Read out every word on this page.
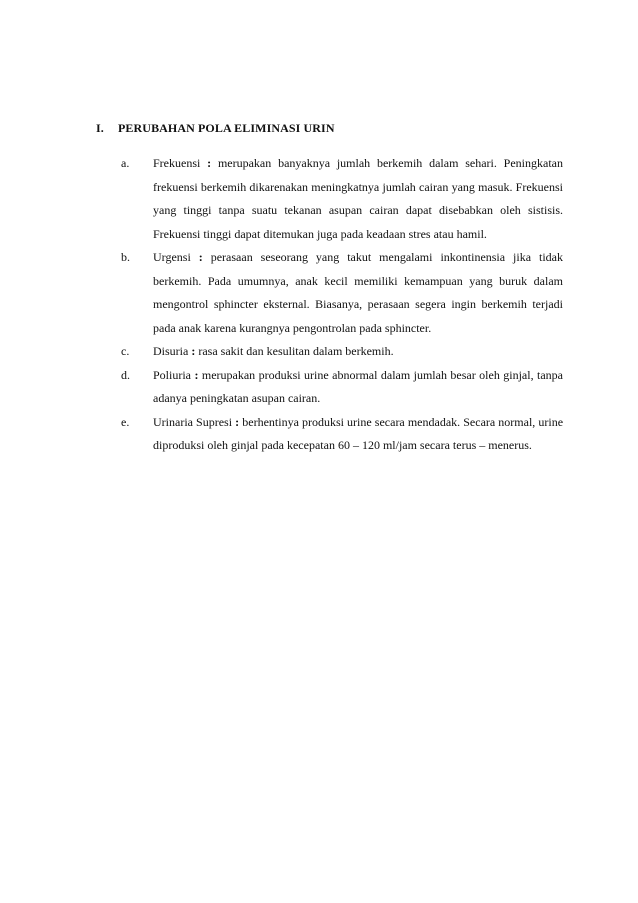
I. PERUBAHAN POLA ELIMINASI URIN
a.	Frekuensi : merupakan banyaknya jumlah berkemih dalam sehari. Peningkatan frekuensi berkemih dikarenakan meningkatnya jumlah cairan yang masuk. Frekuensi yang tinggi tanpa suatu tekanan asupan cairan dapat disebabkan oleh sistisis. Frekuensi tinggi dapat ditemukan juga pada keadaan stres atau hamil.
b.	Urgensi : perasaan seseorang yang takut mengalami inkontinensia jika tidak berkemih. Pada umumnya, anak kecil memiliki kemampuan yang buruk dalam mengontrol sphincter eksternal. Biasanya, perasaan segera ingin berkemih terjadi pada anak karena kurangnya pengontrolan pada sphincter.
c.	Disuria : rasa sakit dan kesulitan dalam berkemih.
d.	Poliuria : merupakan produksi urine abnormal dalam jumlah besar oleh ginjal, tanpa adanya peningkatan asupan cairan.
e.	Urinaria Supresi : berhentinya produksi urine secara mendadak. Secara normal, urine diproduksi oleh ginjal pada kecepatan 60 – 120 ml/jam secara terus – menerus.
